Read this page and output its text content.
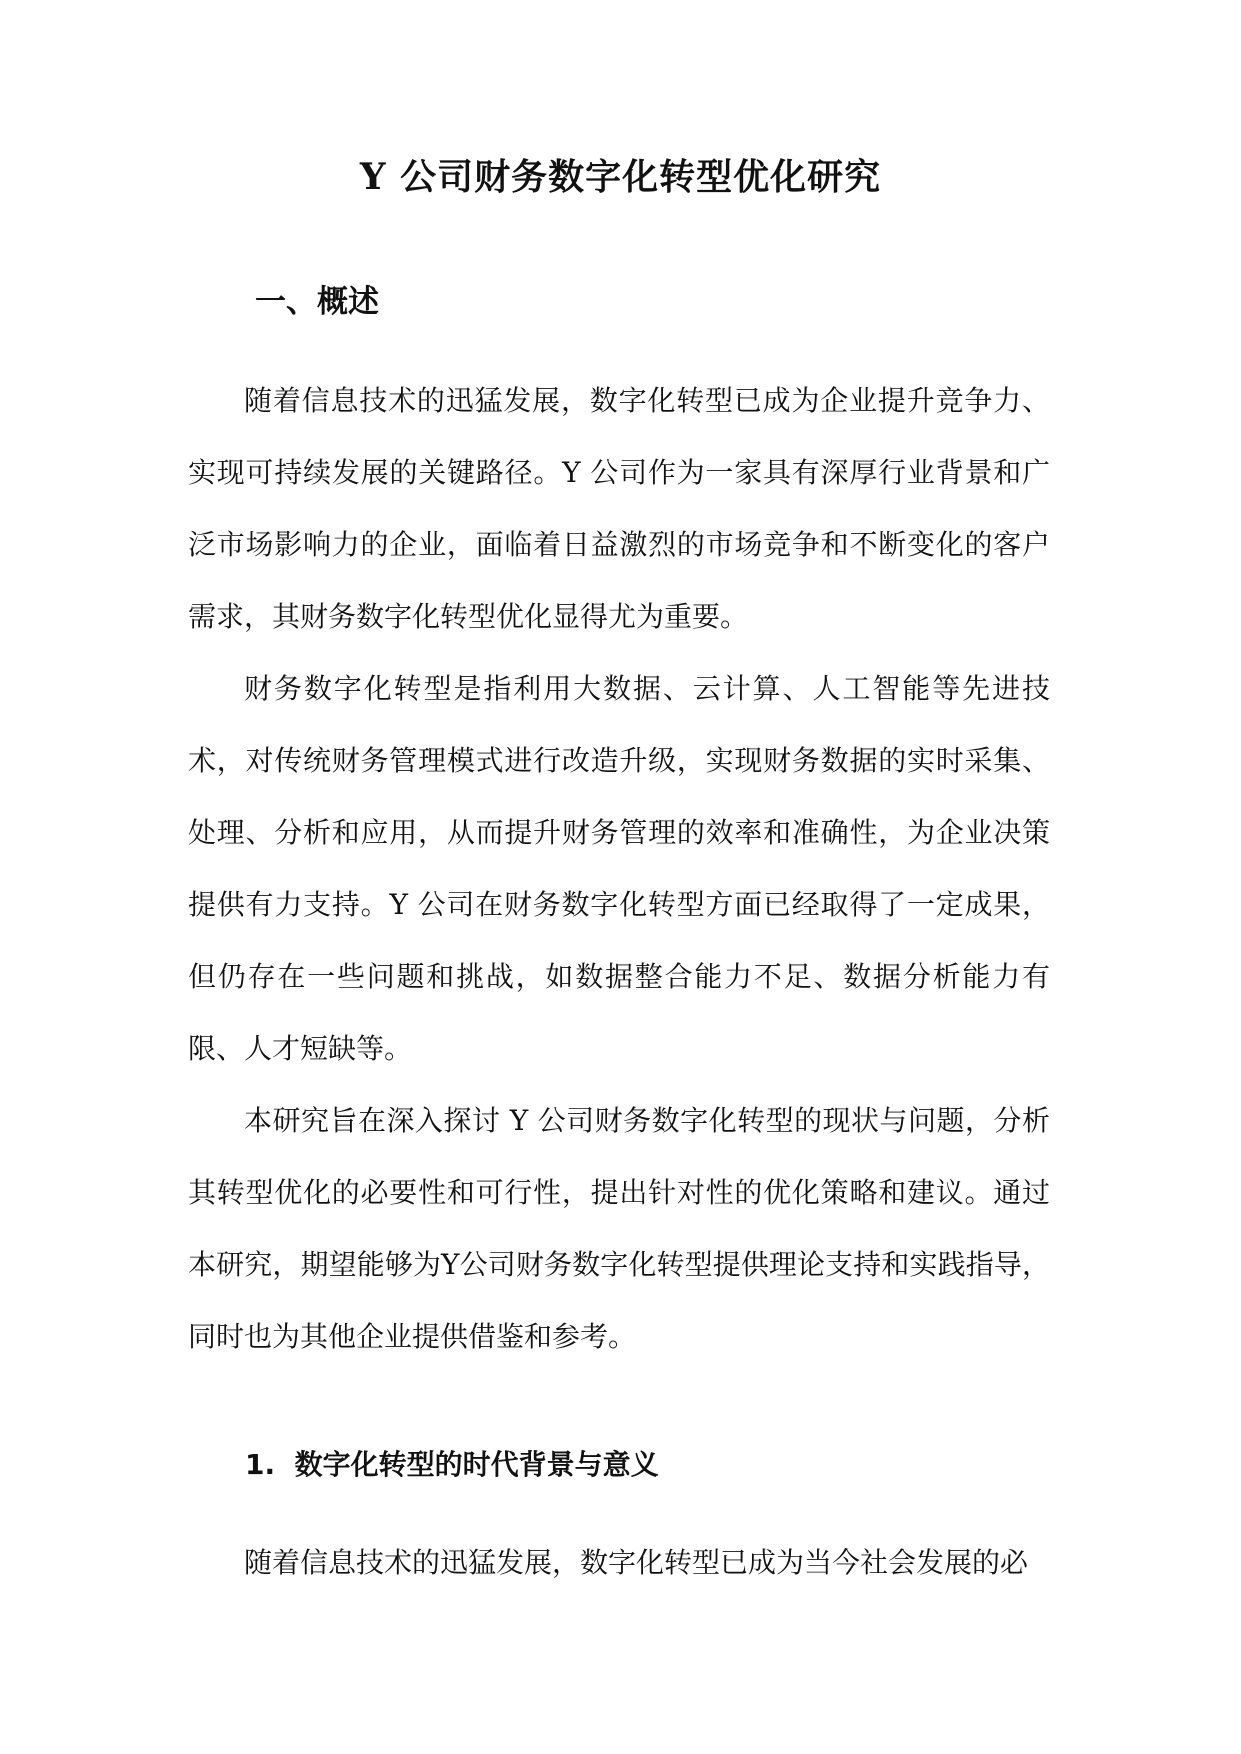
Y 公司财务数字化转型优化研究
一、概述

随着信息技术的迅猛发展，数字化转型已成为企业提升竞争力、实现可持续发展的关键路径。Y 公司作为一家具有深厚行业背景和广泛市场影响力的企业，面临着日益激烈的市场竞争和不断变化的客户需求，其财务数字化转型优化显得尤为重要。

财务数字化转型是指利用大数据、云计算、人工智能等先进技术，对传统财务管理模式进行改造升级，实现财务数据的实时采集、处理、分析和应用，从而提升财务管理的效率和准确性，为企业决策提供有力支持。Y 公司在财务数字化转型方面已经取得了一定成果，但仍存在一些问题和挑战，如数据整合能力不足、数据分析能力有限、人才短缺等。

本研究旨在深入探讨 Y 公司财务数字化转型的现状与问题，分析其转型优化的必要性和可行性，提出针对性的优化策略和建议。通过本研究，期望能够为Y公司财务数字化转型提供理论支持和实践指导，同时也为其他企业提供借鉴和参考。

1.  数字化转型的时代背景与意义

随着信息技术的迅猛发展，数字化转型已成为当今社会发展的必
